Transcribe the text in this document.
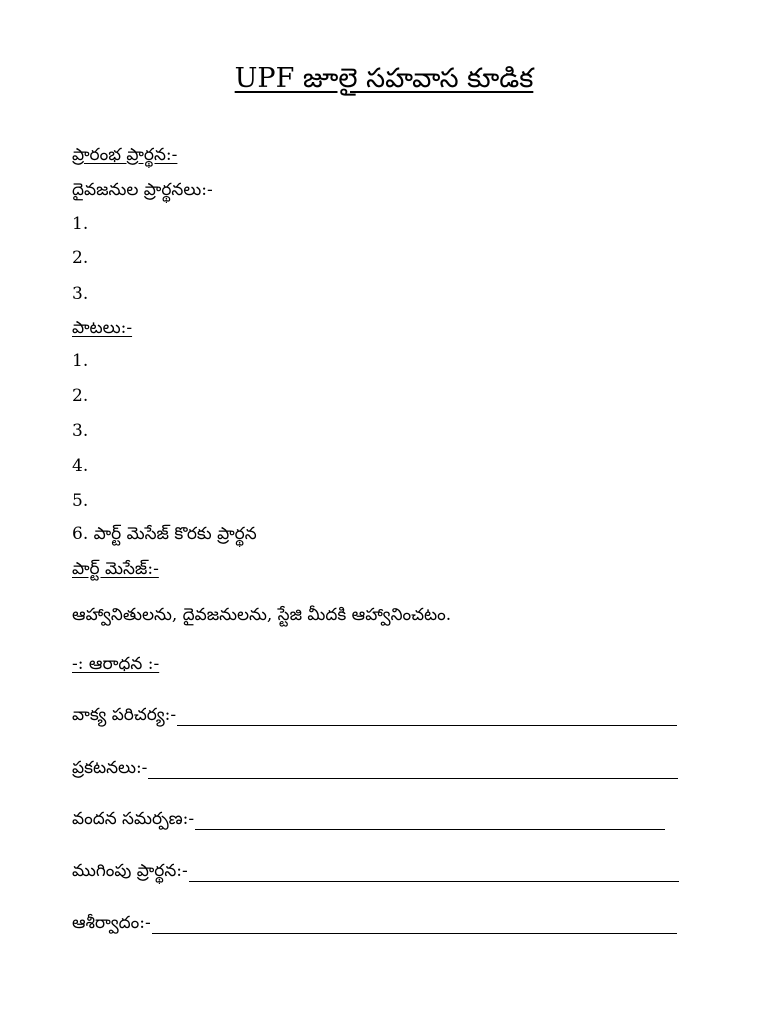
UPF జూలై సహవాస కూడిక
ప్రారంభ ప్రార్థన:-
దైవజనుల ప్రార్థనలు:-
1.
2.
3.
పాటలు:-
1.
2.
3.
4.
5.
6. పార్ట్ మెసేజ్ కొరకు ప్రార్థన
పార్ట్ మెసేజ్:-
ఆహ్వానితులను, దైవజనులను, స్టేజి మీదకి ఆహ్వానించటం.
-: ఆరాధన :-
వాక్య పరిచర్య:-
ప్రకటనలు:-
వందన సమర్పణ:-
ముగింపు ప్రార్థన:-
ఆశీర్వాదం:-
